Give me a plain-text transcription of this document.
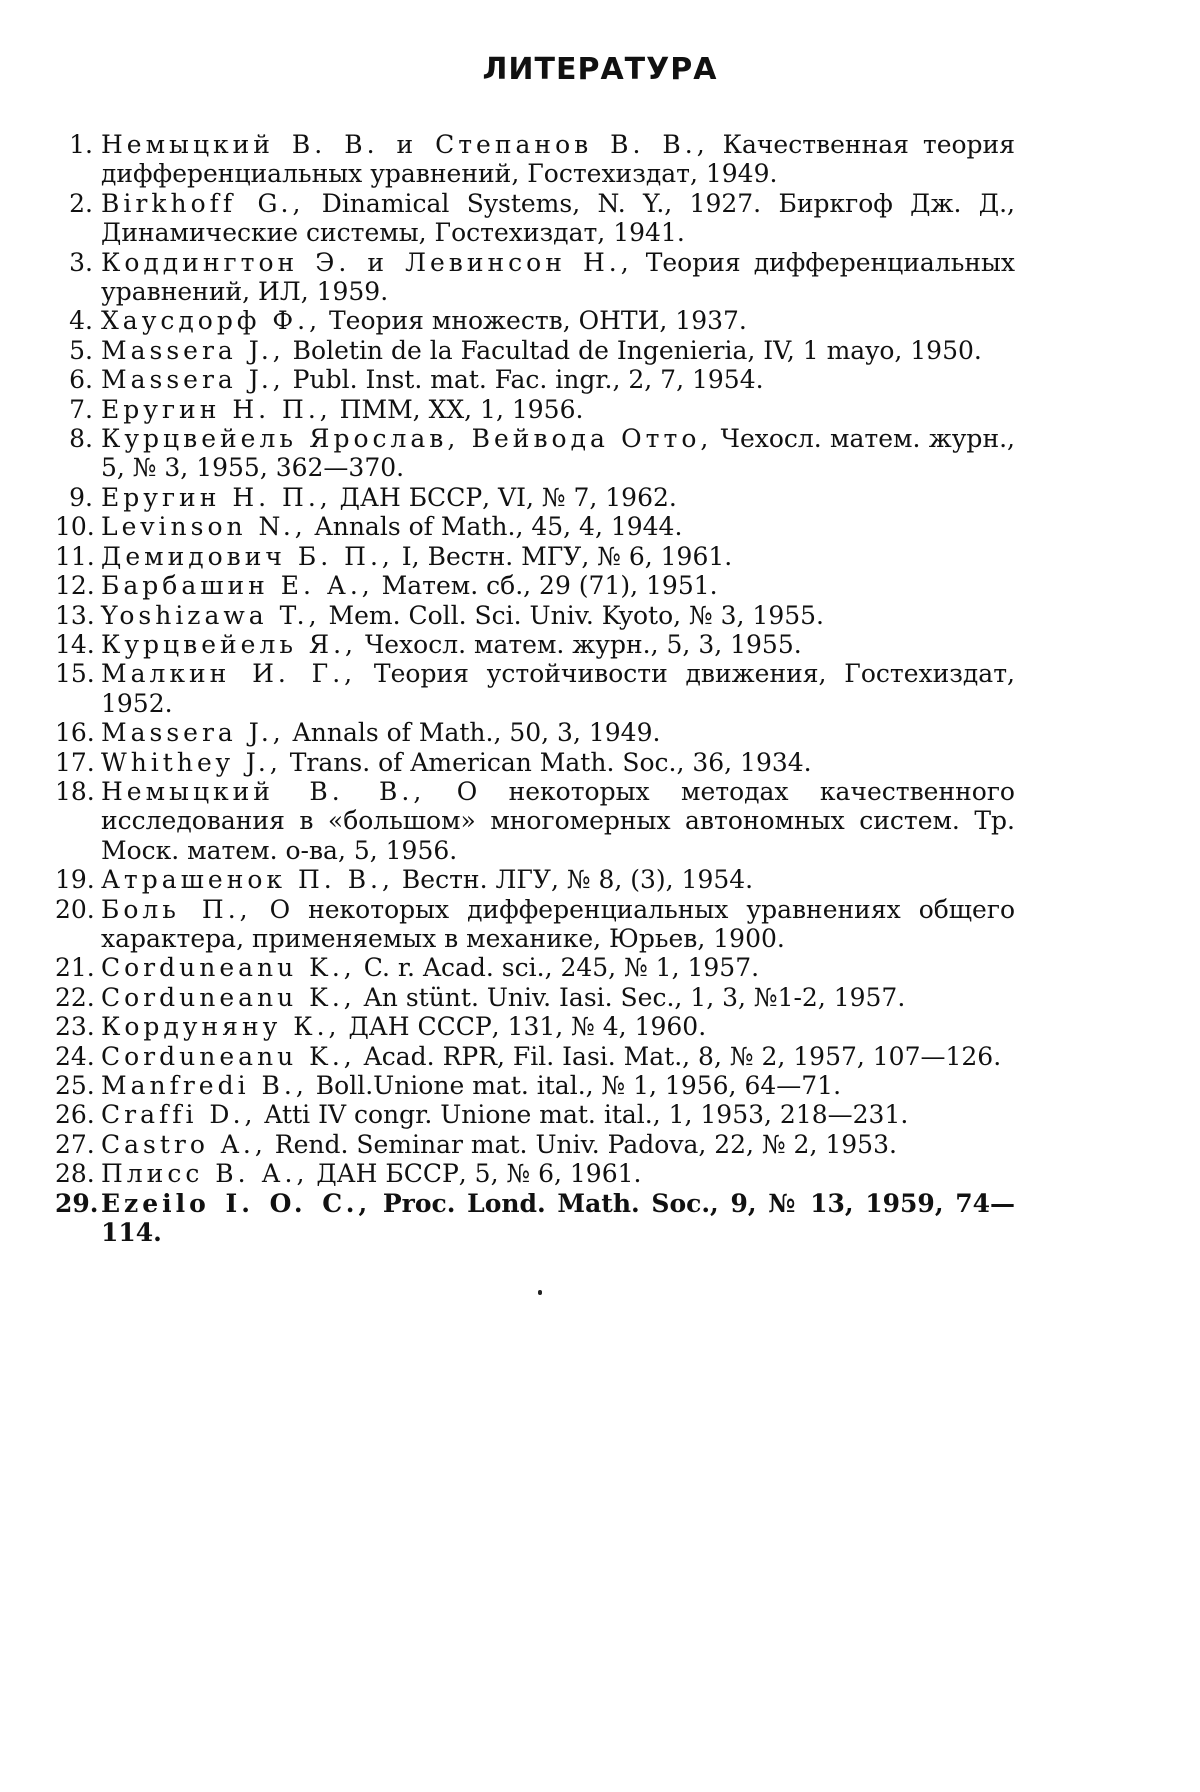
ЛИТЕРАТУРА
1. Немыцкий В. В. и Степанов В. В., Качественная теория дифференциальных уравнений, Гостехиздат, 1949.
2. Birkhoff G., Dinamical Systems, N. Y., 1927. Биркгоф Дж. Д., Динамические системы, Гостехиздат, 1941.
3. Коддингтон Э. и Левинсон Н., Теория дифференциальных уравнений, ИЛ, 1959.
4. Хаусдорф Ф., Теория множеств, ОНТИ, 1937.
5. Massera J., Boletin de la Facultad de Ingenieria, IV, 1 mayo, 1950.
6. Massera J., Publ. Inst. mat. Fac. ingr., 2, 7, 1954.
7. Еругин Н. П., ПММ, XX, 1, 1956.
8. Курцвейель Ярослав, Вейвода Отто, Чехосл. матем. журн., 5, № 3, 1955, 362—370.
9. Еругин Н. П., ДАН БССР, VI, № 7, 1962.
10. Levinson N., Annals of Math., 45, 4, 1944.
11. Демидович Б. П., I, Вестн. МГУ, № 6, 1961.
12. Барбашин Е. А., Матем. сб., 29 (71), 1951.
13. Yoshizawa T., Mem. Coll. Sci. Univ. Kyoto, № 3, 1955.
14. Курцвейель Я., Чехосл. матем. журн., 5, 3, 1955.
15. Малкин И. Г., Теория устойчивости движения, Гостехиздат, 1952.
16. Massera J., Annals of Math., 50, 3, 1949.
17. Whithey J., Trans. of American Math. Soc., 36, 1934.
18. Немыцкий В. В., О некоторых методах качественного исследования в «большом» многомерных автономных систем. Тр. Моск. матем. о-ва, 5, 1956.
19. Атрашенок П. В., Вестн. ЛГУ, № 8, (3), 1954.
20. Боль П., О некоторых дифференциальных уравнениях общего характера, применяемых в механике, Юрьев, 1900.
21. Corduneanu K., C. r. Acad. sci., 245, № 1, 1957.
22. Corduneanu K., An stünt. Univ. Iasi. Sec., 1, 3, №1-2, 1957.
23. Кордуняну К., ДАН СССР, 131, № 4, 1960.
24. Corduneanu K., Acad. RPR, Fil. Iasi. Mat., 8, № 2, 1957, 107—126.
25. Manfredi B., Boll.Unione mat. ital., № 1, 1956, 64—71.
26. Craffi D., Atti IV congr. Unione mat. ital., 1, 1953, 218—231.
27. Castro A., Rend. Seminar mat. Univ. Padova, 22, № 2, 1953.
28. Плисс В. А., ДАН БССР, 5, № 6, 1961.
29. Ezeilo I. O. C., Proc. Lond. Math. Soc., 9, № 13, 1959, 74—114.
